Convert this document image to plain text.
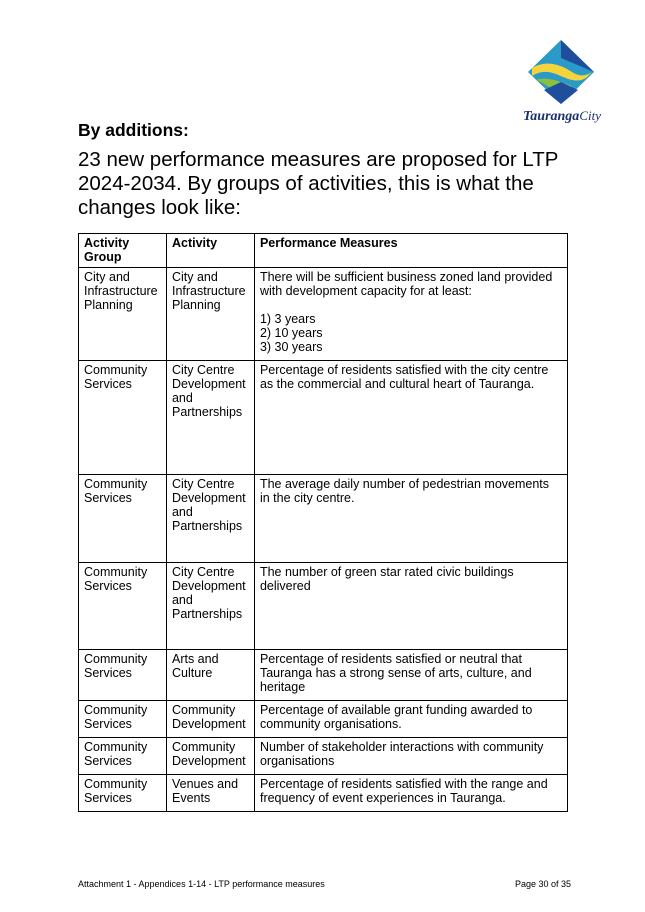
TaurangaCity
By additions:
23 new performance measures are proposed for LTP 2024-2034. By groups of activities, this is what the changes look like:
Activity Group	Activity	Performance Measures
City and Infrastructure Planning	City and Infrastructure Planning	There will be sufficient business zoned land provided with development capacity for at least:
1) 3 years
2) 10 years
3) 30 years

Community Services	City Centre Development and Partnerships	Percentage of residents satisfied with the city centre as the commercial and cultural heart of Tauranga.
Community Services	City Centre Development and Partnerships	The average daily number of pedestrian movements in the city centre.
Community Services	City Centre Development and Partnerships	The number of green star rated civic buildings delivered
Community Services	Arts and Culture	Percentage of residents satisfied or neutral that Tauranga has a strong sense of arts, culture, and heritage
Community Services	Community Development	Percentage of available grant funding awarded to community organisations.
Community Services	Community Development	Number of stakeholder interactions with community organisations
Community Services	Venues and Events	Percentage of residents satisfied with the range and frequency of event experiences in Tauranga.
Attachment 1 - Appendices 1-14 - LTP performance measures	Page 30 of 35
